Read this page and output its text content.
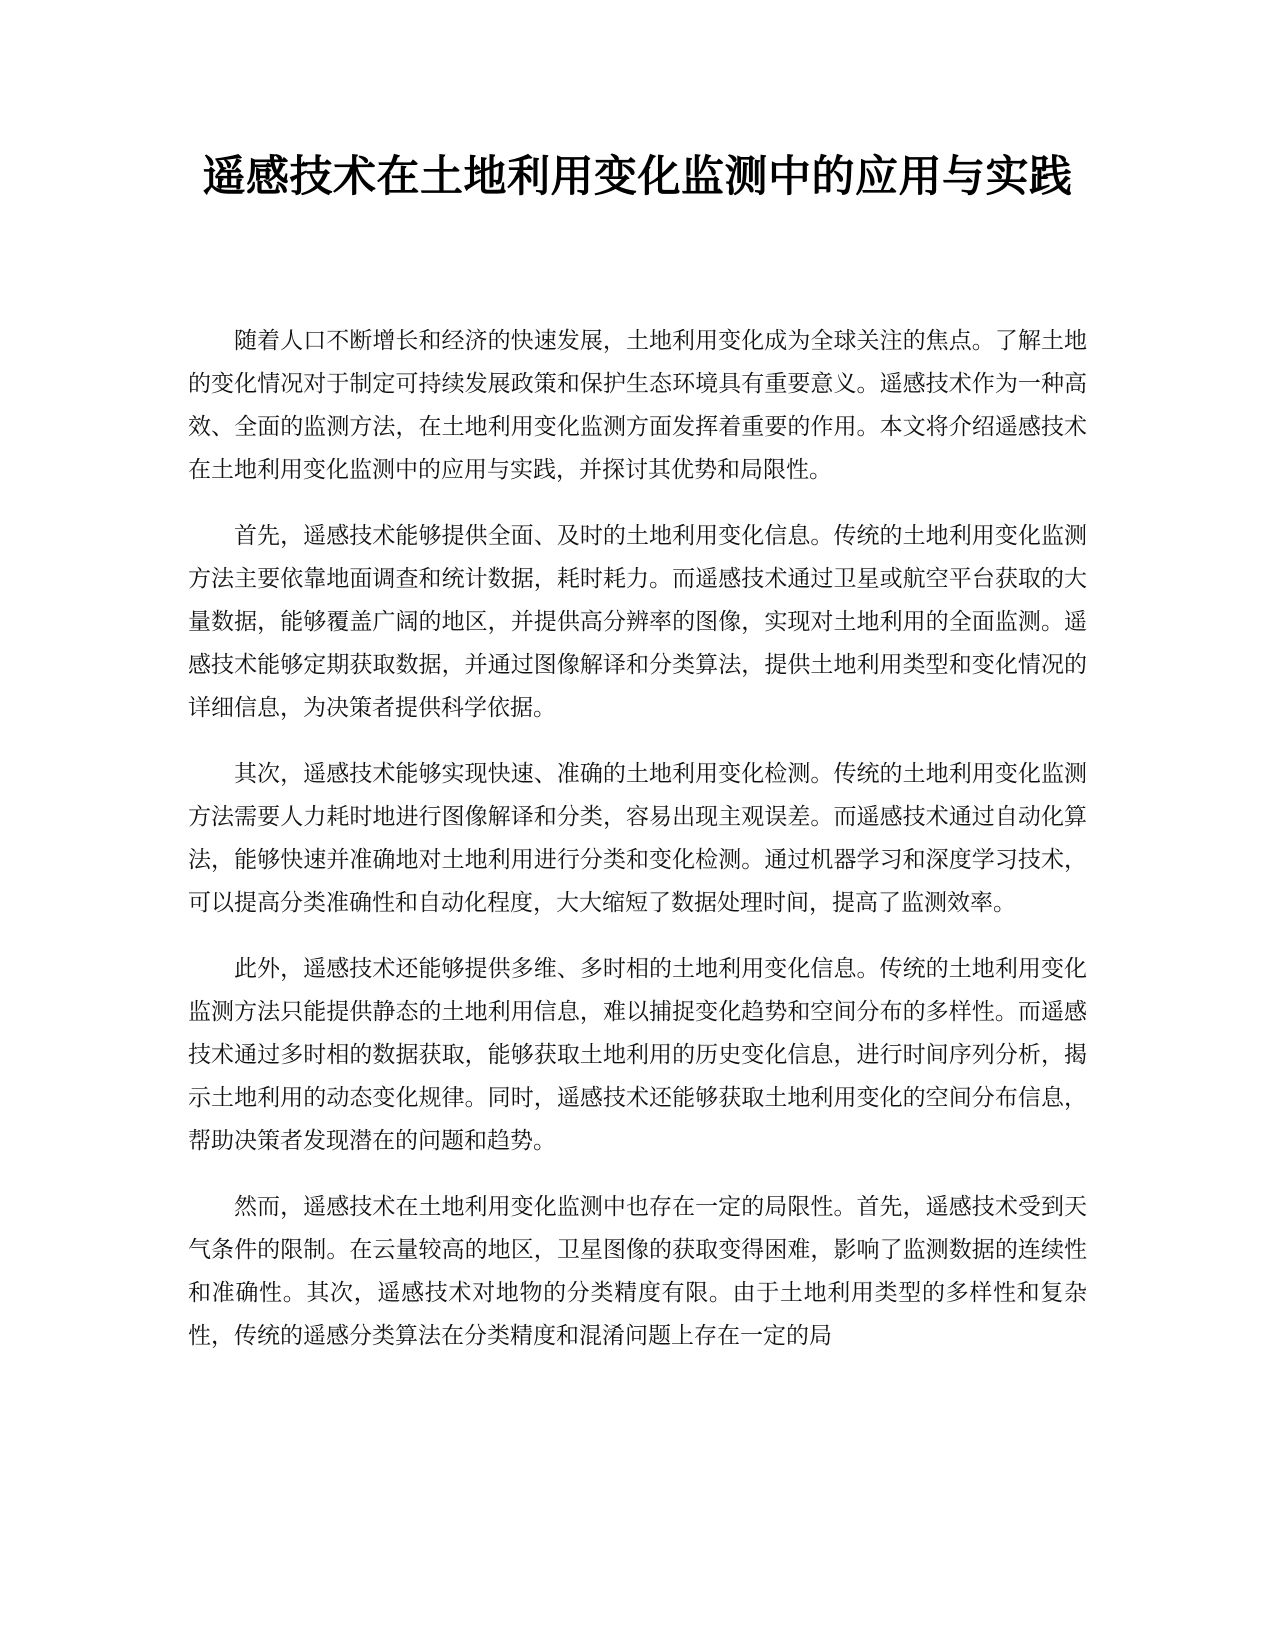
遥感技术在土地利用变化监测中的应用与实践

随着人口不断增长和经济的快速发展，土地利用变化成为全球关注的焦点。了解土地的变化情况对于制定可持续发展政策和保护生态环境具有重要意义。遥感技术作为一种高效、全面的监测方法，在土地利用变化监测方面发挥着重要的作用。本文将介绍遥感技术在土地利用变化监测中的应用与实践，并探讨其优势和局限性。

首先，遥感技术能够提供全面、及时的土地利用变化信息。传统的土地利用变化监测方法主要依靠地面调查和统计数据，耗时耗力。而遥感技术通过卫星或航空平台获取的大量数据，能够覆盖广阔的地区，并提供高分辨率的图像，实现对土地利用的全面监测。遥感技术能够定期获取数据，并通过图像解译和分类算法，提供土地利用类型和变化情况的详细信息，为决策者提供科学依据。

其次，遥感技术能够实现快速、准确的土地利用变化检测。传统的土地利用变化监测方法需要人力耗时地进行图像解译和分类，容易出现主观误差。而遥感技术通过自动化算法，能够快速并准确地对土地利用进行分类和变化检测。通过机器学习和深度学习技术，可以提高分类准确性和自动化程度，大大缩短了数据处理时间，提高了监测效率。

此外，遥感技术还能够提供多维、多时相的土地利用变化信息。传统的土地利用变化监测方法只能提供静态的土地利用信息，难以捕捉变化趋势和空间分布的多样性。而遥感技术通过多时相的数据获取，能够获取土地利用的历史变化信息，进行时间序列分析，揭示土地利用的动态变化规律。同时，遥感技术还能够获取土地利用变化的空间分布信息，帮助决策者发现潜在的问题和趋势。

然而，遥感技术在土地利用变化监测中也存在一定的局限性。首先，遥感技术受到天气条件的限制。在云量较高的地区，卫星图像的获取变得困难，影响了监测数据的连续性和准确性。其次，遥感技术对地物的分类精度有限。由于土地利用类型的多样性和复杂性，传统的遥感分类算法在分类精度和混淆问题上存在一定的局
